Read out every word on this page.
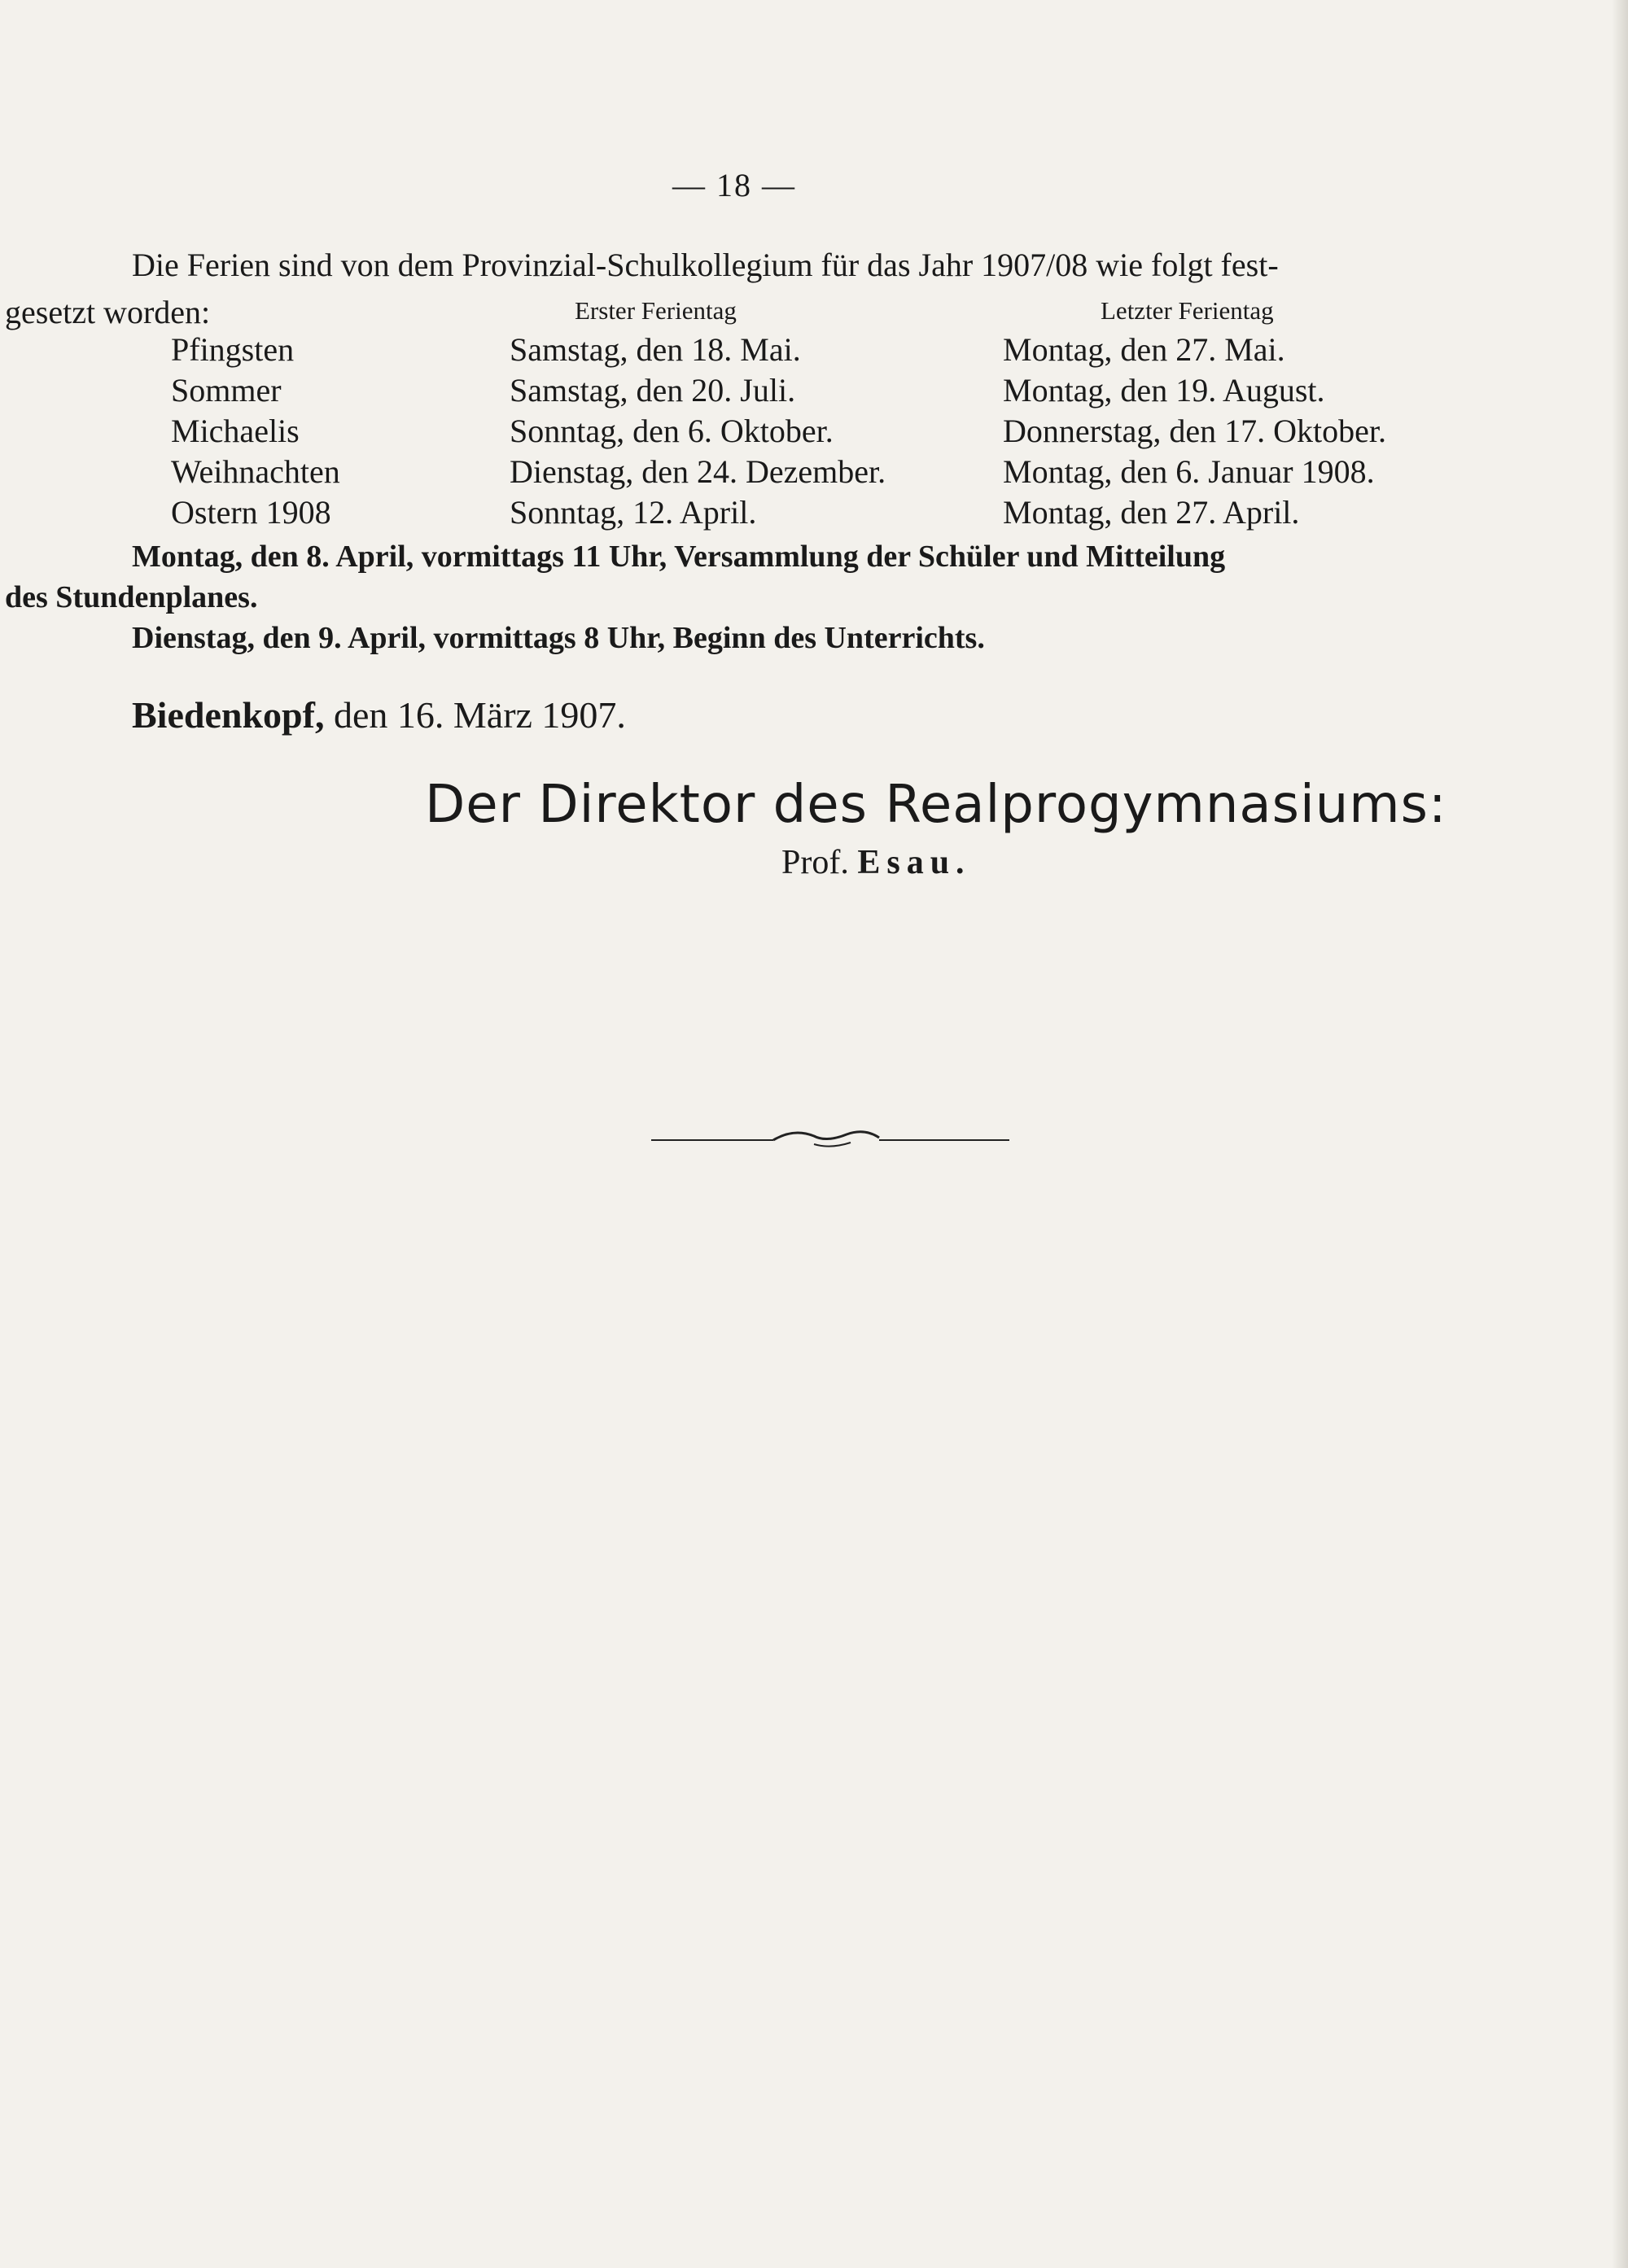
— 18 —
Die Ferien sind von dem Provinzial-Schulkollegium für das Jahr 1907/08 wie folgt fest-
gesetzt worden:	Erster Ferientag	Letzter Ferientag
Pfingsten	Samstag, den 18. Mai.	Montag, den 27. Mai.
Sommer	Samstag, den 20. Juli.	Montag, den 19. August.
Michaelis	Sonntag, den 6. Oktober.	Donnerstag, den 17. Oktober.
Weihnachten	Dienstag, den 24. Dezember.	Montag, den 6. Januar 1908.
Ostern 1908	Sonntag, 12. April.	Montag, den 27. April.
Montag, den 8. April, vormittags 11 Uhr, Versammlung der Schüler und Mitteilung
des Stundenplanes.
Dienstag, den 9. April, vormittags 8 Uhr, Beginn des Unterrichts.
Biedenkopf, den 16. März 1907.
Der Direktor des Realprogymnasiums:
Prof. Esau.
